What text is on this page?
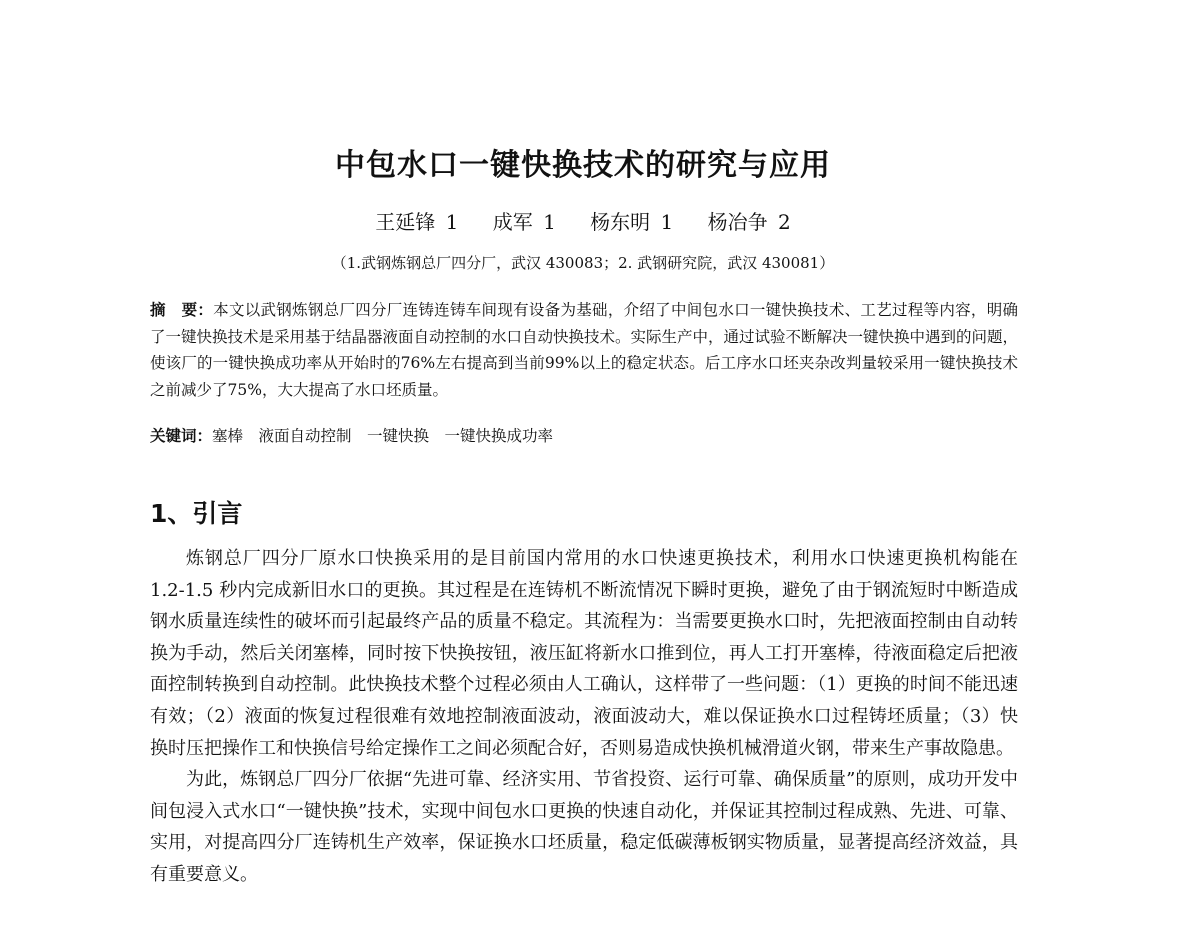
中包水口一键快换技术的研究与应用
王延锋 1 成军 1 杨东明 1 杨冶争 2
（1.武钢炼钢总厂四分厂，武汉 430083；2. 武钢研究院，武汉 430081）
摘　要：本文以武钢炼钢总厂四分厂连铸连铸车间现有设备为基础，介绍了中间包水口一键快换技术、工艺过程等内容，明确了一键快换技术是采用基于结晶器液面自动控制的水口自动快换技术。实际生产中，通过试验不断解决一键快换中遇到的问题，使该厂的一键快换成功率从开始时的76%左右提高到当前99%以上的稳定状态。后工序水口坯夹杂改判量较采用一键快换技术之前减少了75%，大大提高了水口坯质量。
关键词：塞棒　液面自动控制　一键快换　一键快换成功率
1、引言

炼钢总厂四分厂原水口快换采用的是目前国内常用的水口快速更换技术，利用水口快速更换机构能在 1.2-1.5 秒内完成新旧水口的更换。其过程是在连铸机不断流情况下瞬时更换，避免了由于钢流短时中断造成钢水质量连续性的破坏而引起最终产品的质量不稳定。其流程为：当需要更换水口时，先把液面控制由自动转换为手动，然后关闭塞棒，同时按下快换按钮，液压缸将新水口推到位，再人工打开塞棒，待液面稳定后把液面控制转换到自动控制。此快换技术整个过程必须由人工确认，这样带了一些问题：（1）更换的时间不能迅速有效；（2）液面的恢复过程很难有效地控制液面波动，液面波动大，难以保证换水口过程铸坯质量；（3）快换时压把操作工和快换信号给定操作工之间必须配合好，否则易造成快换机械滑道火钢，带来生产事故隐患。

为此，炼钢总厂四分厂依据“先进可靠、经济实用、节省投资、运行可靠、确保质量”的原则，成功开发中间包浸入式水口“一键快换”技术，实现中间包水口更换的快速自动化，并保证其控制过程成熟、先进、可靠、实用，对提高四分厂连铸机生产效率，保证换水口坯质量，稳定低碳薄板钢实物质量，显著提高经济效益，具有重要意义。
